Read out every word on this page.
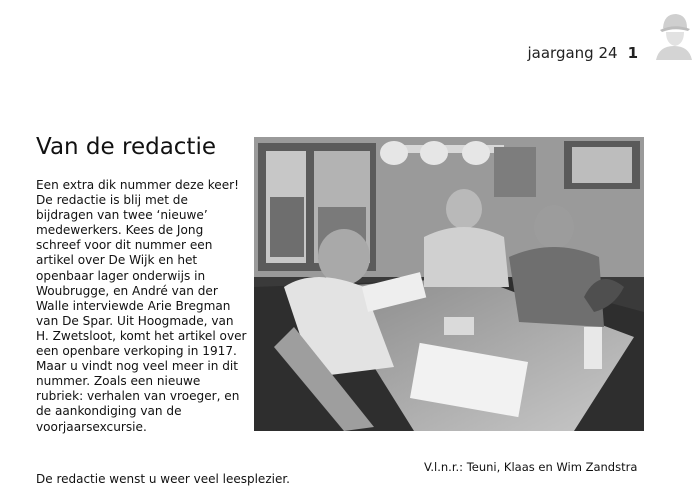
jaargang 24 1
Van de redactie

Een extra dik nummer deze keer! De redactie is blij met de bijdragen van twee ‘nieuwe’ medewerkers. Kees de Jong schreef voor dit nummer een artikel over De Wijk en het openbaar lager onderwijs in Woubrugge, en André van der Walle interviewde Arie Bregman van De Spar. Uit Hoogmade, van H. Zwetsloot, komt het artikel over een openbare verkoping in 1917. Maar u vindt nog veel meer in dit nummer. Zoals een nieuwe rubriek: verhalen van vroeger, en de aankondiging van de voorjaarsexcursie.

V.l.n.r.: Teuni, Klaas en Wim Zandstra
De redactie wenst u weer veel leesplezier.
